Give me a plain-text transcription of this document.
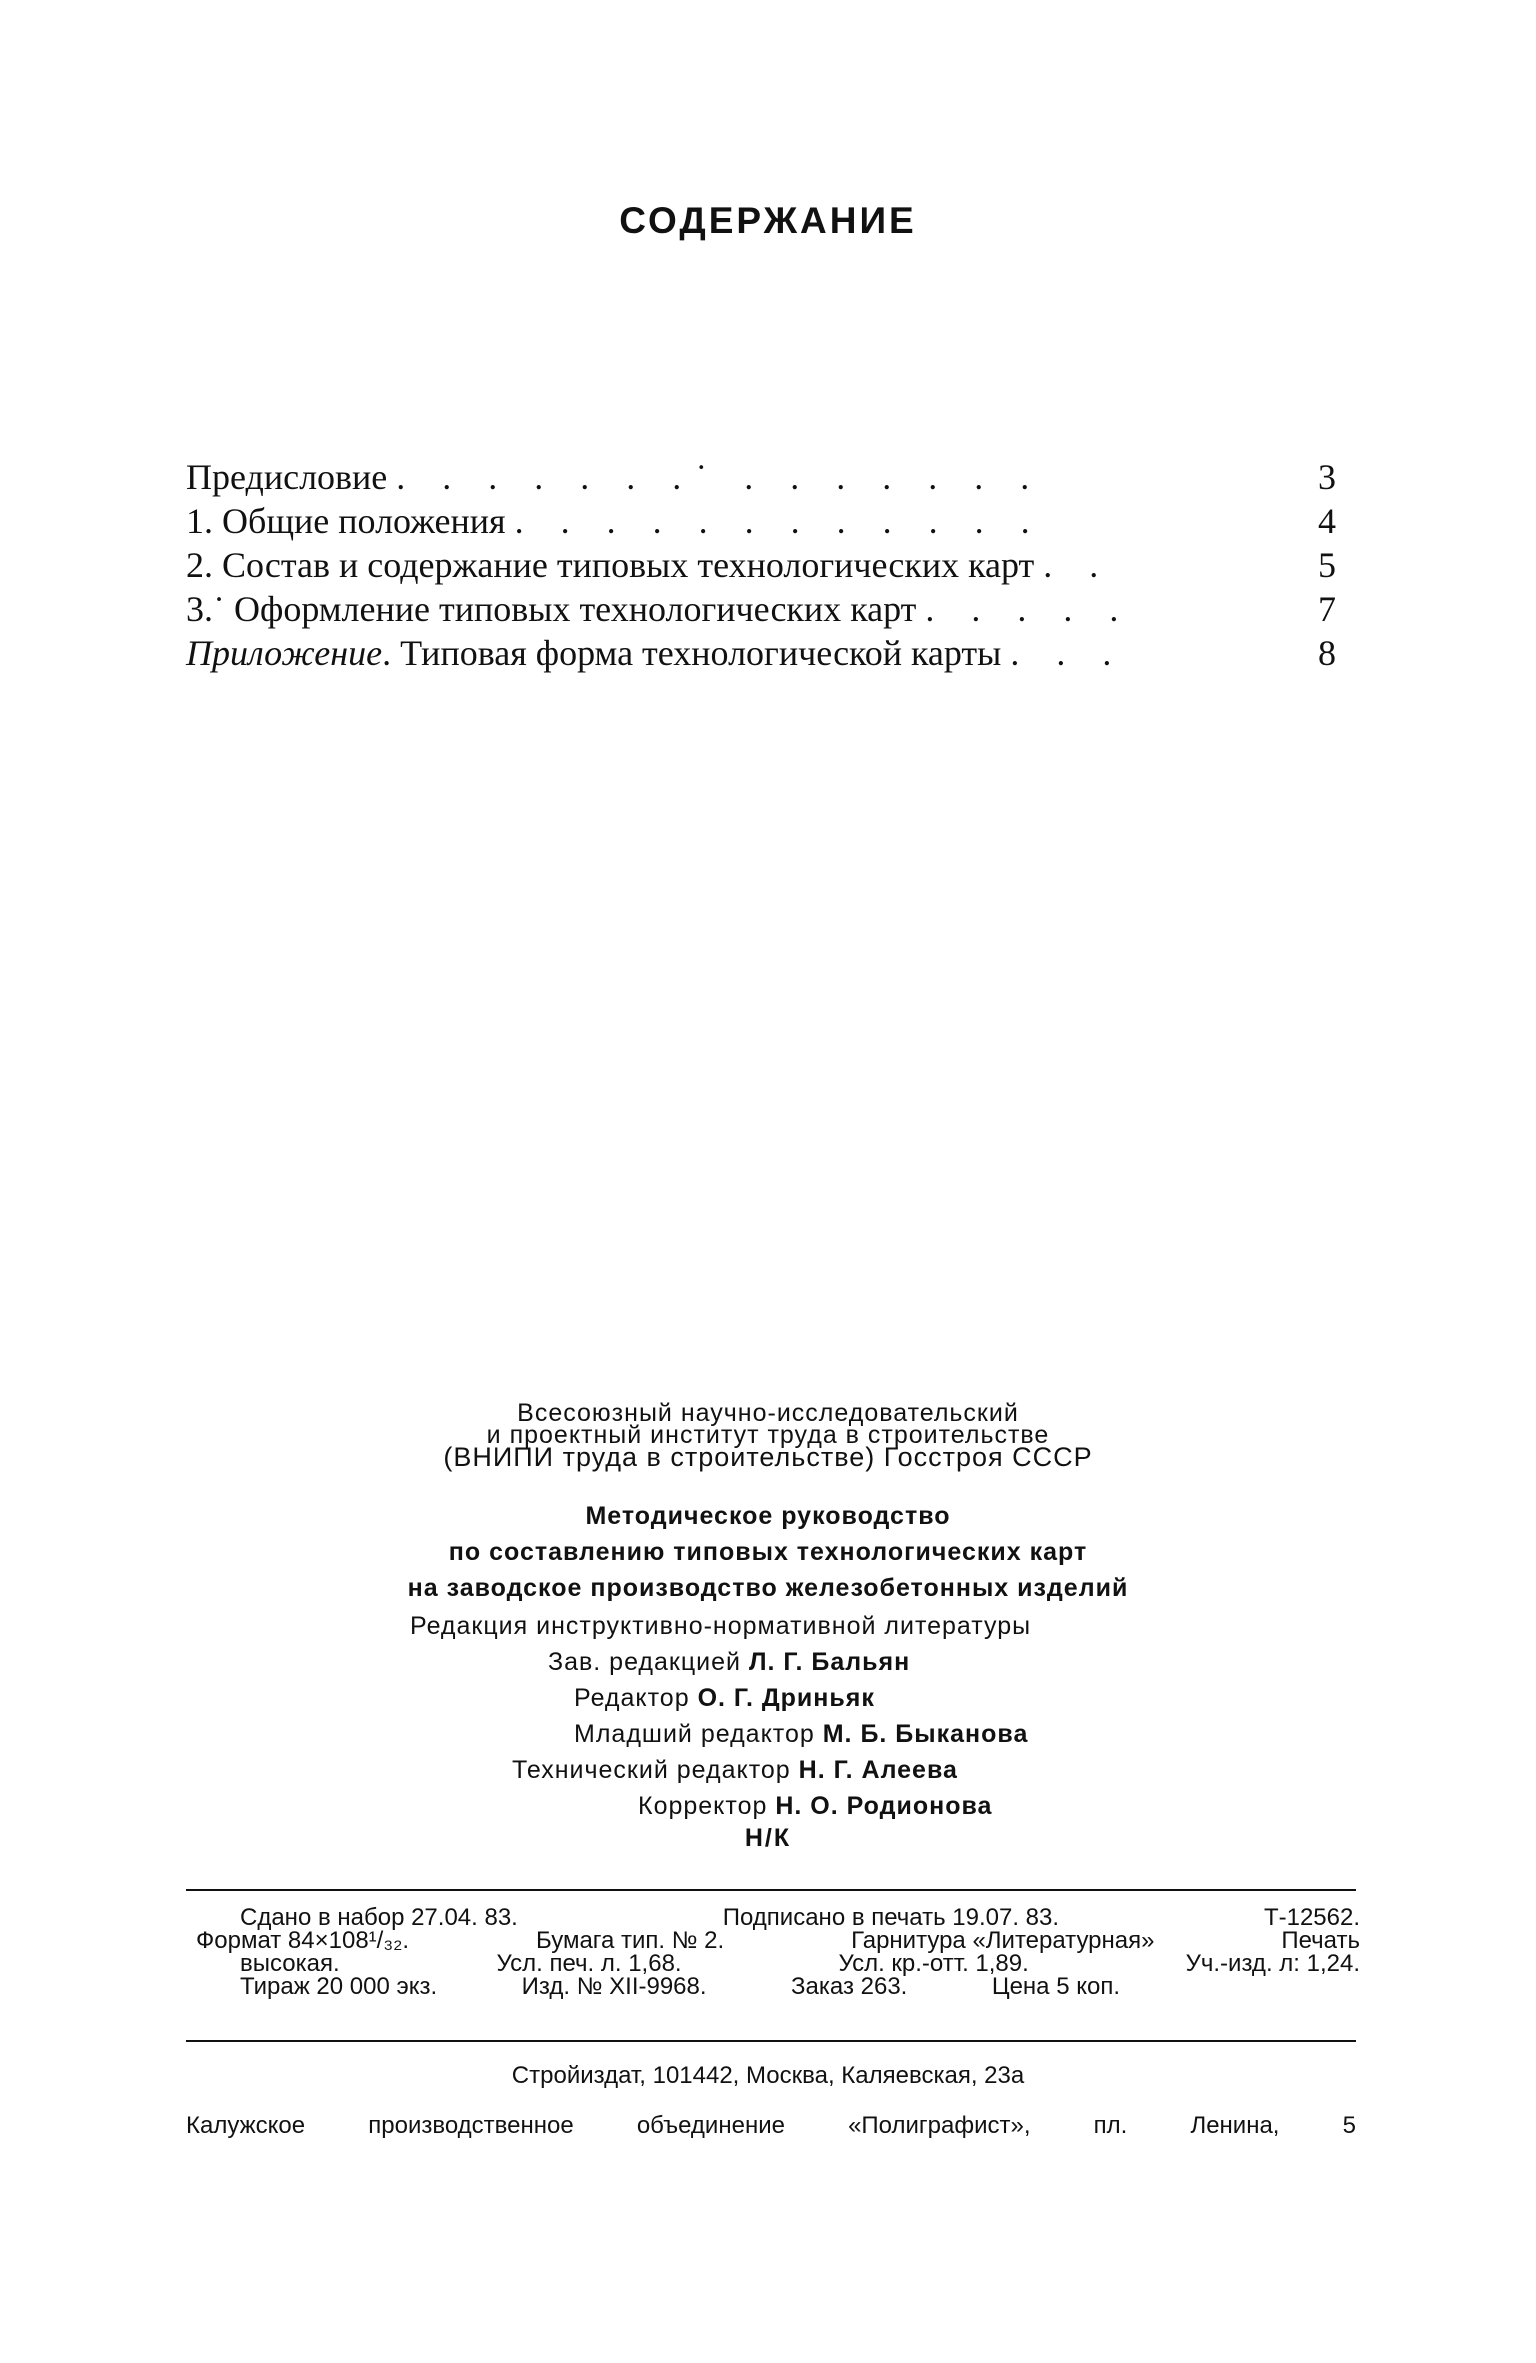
СОДЕРЖАНИЕ
Предисловие . . . . . . .˙ . . . . . . .	3
1. Общие положения . . . . . . . . . . . .	4
2. Состав и содержание типовых технологических карт . .	5
3.˙ Оформление типовых технологических карт . . . . .	7
Приложение. Типовая форма технологической карты . . .	8
Всесоюзный научно-исследовательский
и проектный институт труда в строительстве
(ВНИПИ труда в строительстве) Госстроя СССР
Методическое руководство
по составлению типовых технологических карт
на заводское производство железобетонных изделий
Редакция инструктивно-нормативной литературы
Зав. редакцией Л. Г. Бальян
Редактор О. Г. Дриньяк
Младший редактор М. Б. Быканова
Технический редактор Н. Г. Алеева
Корректор Н. О. Родионова
Н/К
Сдано в набор 27.04. 83.	Подписано в печать 19.07. 83.	Т-12562.
Формат 84×108¹/₃₂.	Бумага тип. № 2.	Гарнитура «Литературная»	Печать
высокая.	Усл. печ. л. 1,68.	Усл. кр.-отт. 1,89.	Уч.-изд. л: 1,24.
Тираж 20 000 экз.	Изд. № XII-9968.	Заказ 263.	Цена 5 коп.
Стройиздат, 101442, Москва, Каляевская, 23а
Калужское	производственное	объединение	«Полиграфист»,	пл.	Ленина,	5
